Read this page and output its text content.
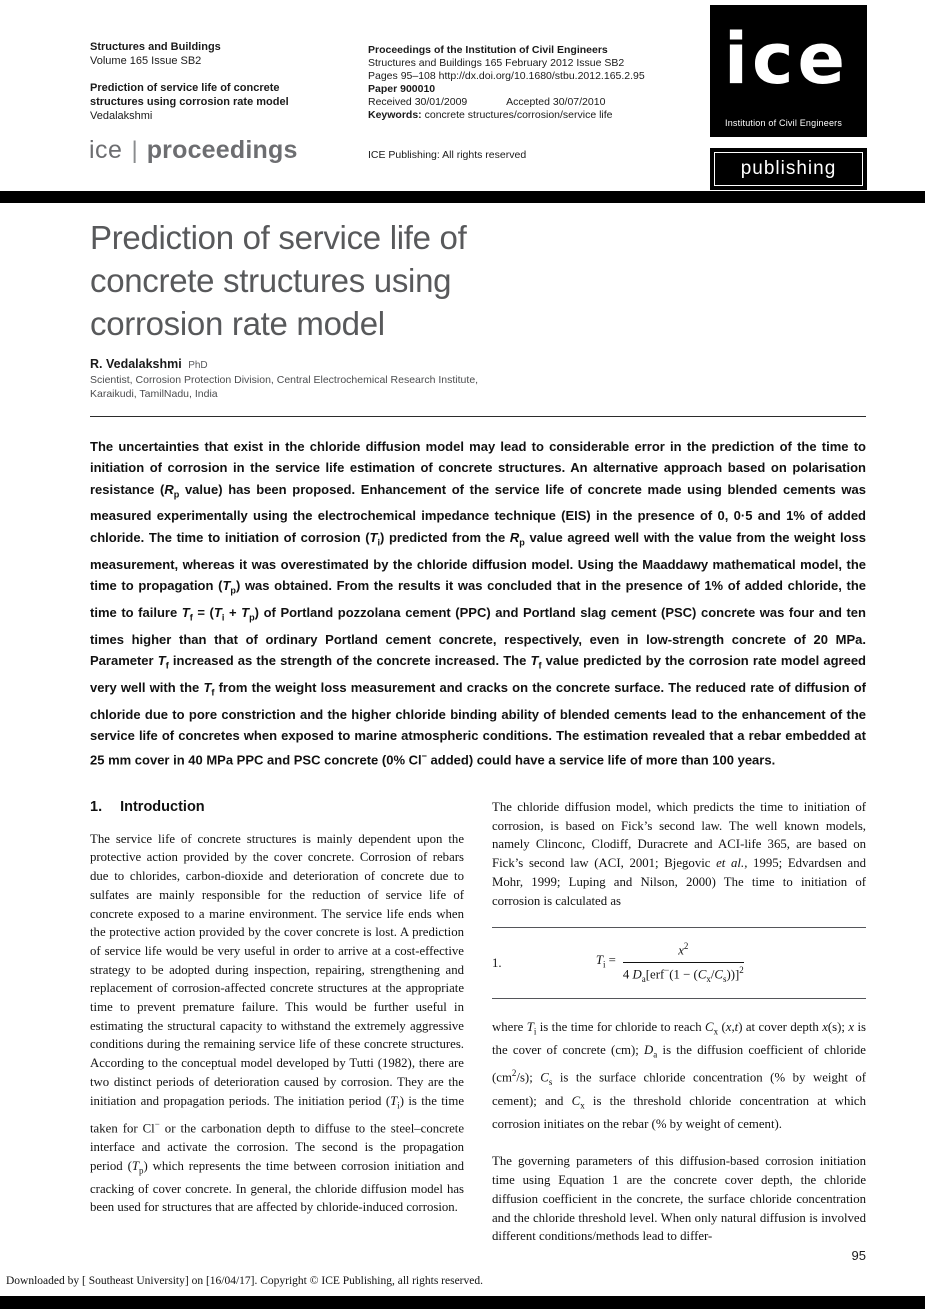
Structures and Buildings
Volume 165 Issue SB2
Prediction of service life of concrete structures using corrosion rate model
Vedalakshmi
ice | proceedings
Proceedings of the Institution of Civil Engineers
Structures and Buildings 165 February 2012 Issue SB2
Pages 95–108 http://dx.doi.org/10.1680/stbu.2012.165.2.95
Paper 900010
Received 30/01/2009	Accepted 30/07/2010
Keywords: concrete structures/corrosion/service life
ICE Publishing: All rights reserved
ice
Institution of Civil Engineers
publishing
Prediction of service life of
concrete structures using
corrosion rate model
R. Vedalakshmi PhD
Scientist, Corrosion Protection Division, Central Electrochemical Research Institute, Karaikudi, TamilNadu, India

The uncertainties that exist in the chloride diffusion model may lead to considerable error in the prediction of the time to initiation of corrosion in the service life estimation of concrete structures. An alternative approach based on polarisation resistance ($R_p$ value) has been proposed. Enhancement of the service life of concrete made using blended cements was measured experimentally using the electrochemical impedance technique (EIS) in the presence of 0, 0·5 and 1% of added chloride. The time to initiation of corrosion $(T_i)$ predicted from the $R_p$ value agreed well with the value from the weight loss measurement, whereas it was overestimated by the chloride diffusion model. Using the Maaddawy mathematical model, the time to propagation $(T_p)$ was obtained. From the results it was concluded that in the presence of 1% of added chloride, the time to failure $T_f = (T_i + T_p)$ of Portland pozzolana cement (PPC) and Portland slag cement (PSC) concrete was four and ten times higher than that of ordinary Portland cement concrete, respectively, even in low-strength concrete of 20 MPa. Parameter $T_f$ increased as the strength of the concrete increased. The $T_f$ value predicted by the corrosion rate model agreed very well with the $T_f$ from the weight loss measurement and cracks on the concrete surface. The reduced rate of diffusion of chloride due to pore constriction and the higher chloride binding ability of blended cements lead to the enhancement of the service life of concretes when exposed to marine atmospheric conditions. The estimation revealed that a rebar embedded at 25 mm cover in 40 MPa PPC and PSC concrete (0% Cl− added) could have a service life of more than 100 years.

1. Introduction

The service life of concrete structures is mainly dependent upon the protective action provided by the cover concrete. Corrosion of rebars due to chlorides, carbon-dioxide and deterioration of concrete due to sulfates are mainly responsible for the reduction of service life of concrete exposed to a marine environment. The service life ends when the protective action provided by the cover concrete is lost. A prediction of service life would be very useful in order to arrive at a cost-effective strategy to be adopted during inspection, repairing, strengthening and replacement of corrosion-affected concrete structures at the appropriate time to prevent premature failure. This would be further useful in estimating the structural capacity to withstand the extremely aggressive conditions during the remaining service life of these concrete structures. According to the conceptual model developed by Tutti (1982), there are two distinct periods of deterioration caused by corrosion. They are the initiation and propagation periods. The initiation period $(T_i)$ is the time taken for Cl− or the carbonation depth to diffuse to the steel–concrete interface and activate the corrosion. The second is the propagation period $(T_p)$ which represents the time between corrosion initiation and cracking of cover concrete. In general, the chloride diffusion model has been used for structures that are affected by chloride-induced corrosion.

The chloride diffusion model, which predicts the time to initiation of corrosion, is based on Fick’s second law. The well known models, namely Clinconc, Clodiff, Duracrete and ACI-life 365, are based on Fick’s second law (ACI, 2001; Bjegovic et al., 1995; Edvardsen and Mohr, 1999; Luping and Nilson, 2000) The time to initiation of corrosion is calculated as

1.	$T_i = \frac{x^2}{4 D_a[erf^-(1 - (C_x/C_s))]^2}$

where $T_i$ is the time for chloride to reach $C_x$ (x,t) at cover depth x(s); x is the cover of concrete (cm); $D_a$ is the diffusion coefficient of chloride $(cm^2/s)$; $C_s$ is the surface chloride concentration (% by weight of cement); and $C_x$ is the threshold chloride concentration at which corrosion initiates on the rebar (% by weight of cement).

The governing parameters of this diffusion-based corrosion initiation time using Equation 1 are the concrete cover depth, the chloride diffusion coefficient in the concrete, the surface chloride concentration and the chloride threshold level. When only natural diffusion is involved different conditions/methods lead to differ-

95
Downloaded by [ Southeast University] on [16/04/17]. Copyright © ICE Publishing, all rights reserved.
